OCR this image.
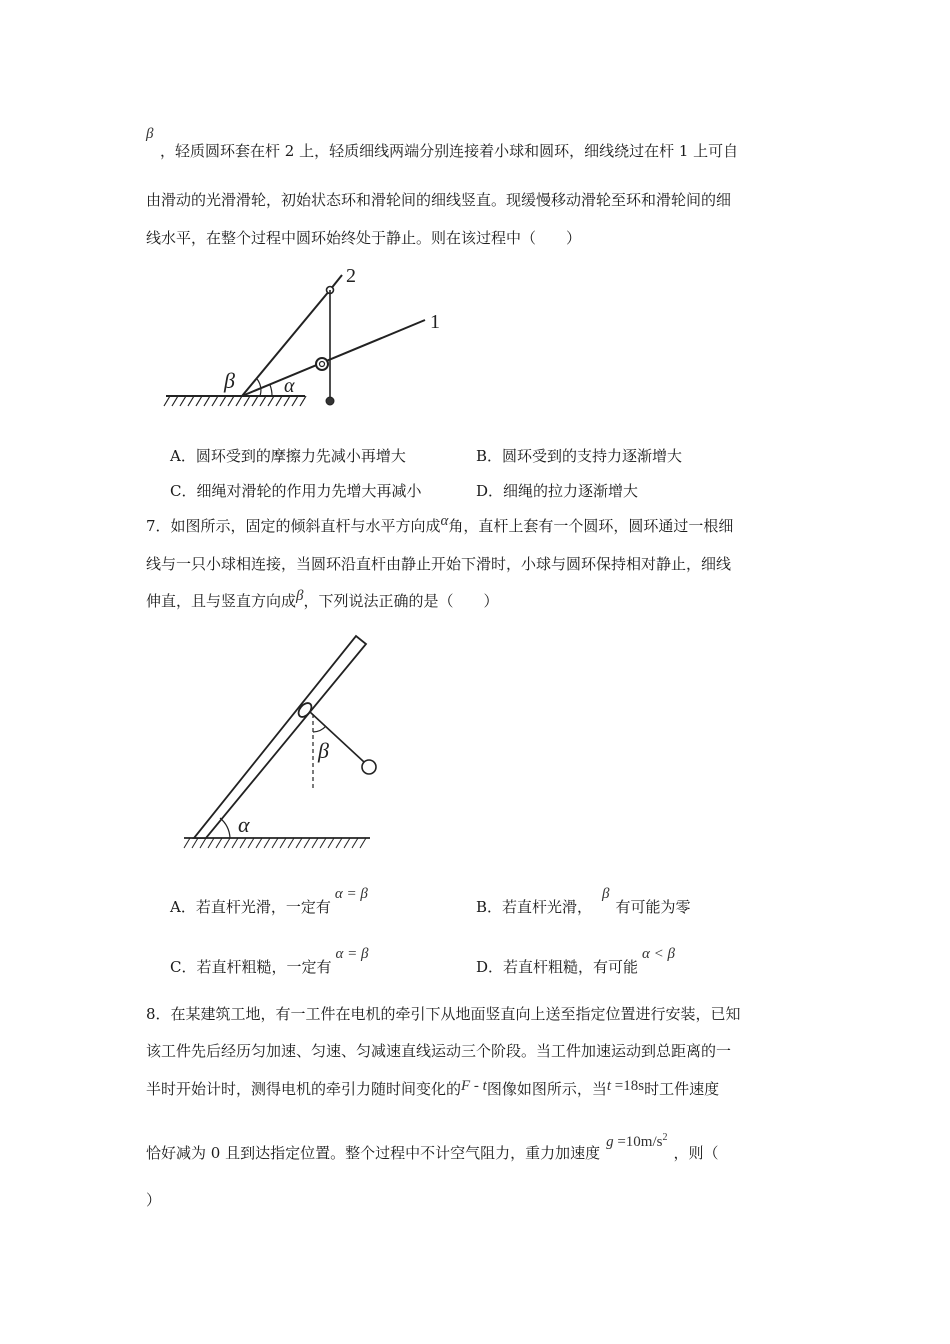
β
，轻质圆环套在杆 2 上，轻质细线两端分别连接着小球和圆环，细线绕过在杆 1 上可自
由滑动的光滑滑轮，初始状态环和滑轮间的细线竖直。现缓慢移动滑轮至环和滑轮间的细
线水平，在整个过程中圆环始终处于静止。则在该过程中（　　）
2
1
β α
A．圆环受到的摩擦力先减小再增大	B．圆环受到的支持力逐渐增大
C．细绳对滑轮的作用力先增大再减小	D．细绳的拉力逐渐增大
7．如图所示，固定的倾斜直杆与水平方向成α角，直杆上套有一个圆环，圆环通过一根细
线与一只小球相连接，当圆环沿直杆由静止开始下滑时，小球与圆环保持相对静止，细线
伸直，且与竖直方向成β，下列说法正确的是（　　）
β
α
A．若直杆光滑，一定有α = β
B．若直杆光滑，β有可能为零
C．若直杆粗糙，一定有α = β
D．若直杆粗糙，有可能α < β
8．在某建筑工地，有一工件在电机的牵引下从地面竖直向上送至指定位置进行安装，已知
该工件先后经历匀加速、匀速、匀减速直线运动三个阶段。当工件加速运动到总距离的一
半时开始计时，测得电机的牵引力随时间变化的F - t图像如图所示，当t =18s时工件速度
恰好减为 0 且到达指定位置。整个过程中不计空气阻力，重力加速度$g =10m/s^2$，则（
）
